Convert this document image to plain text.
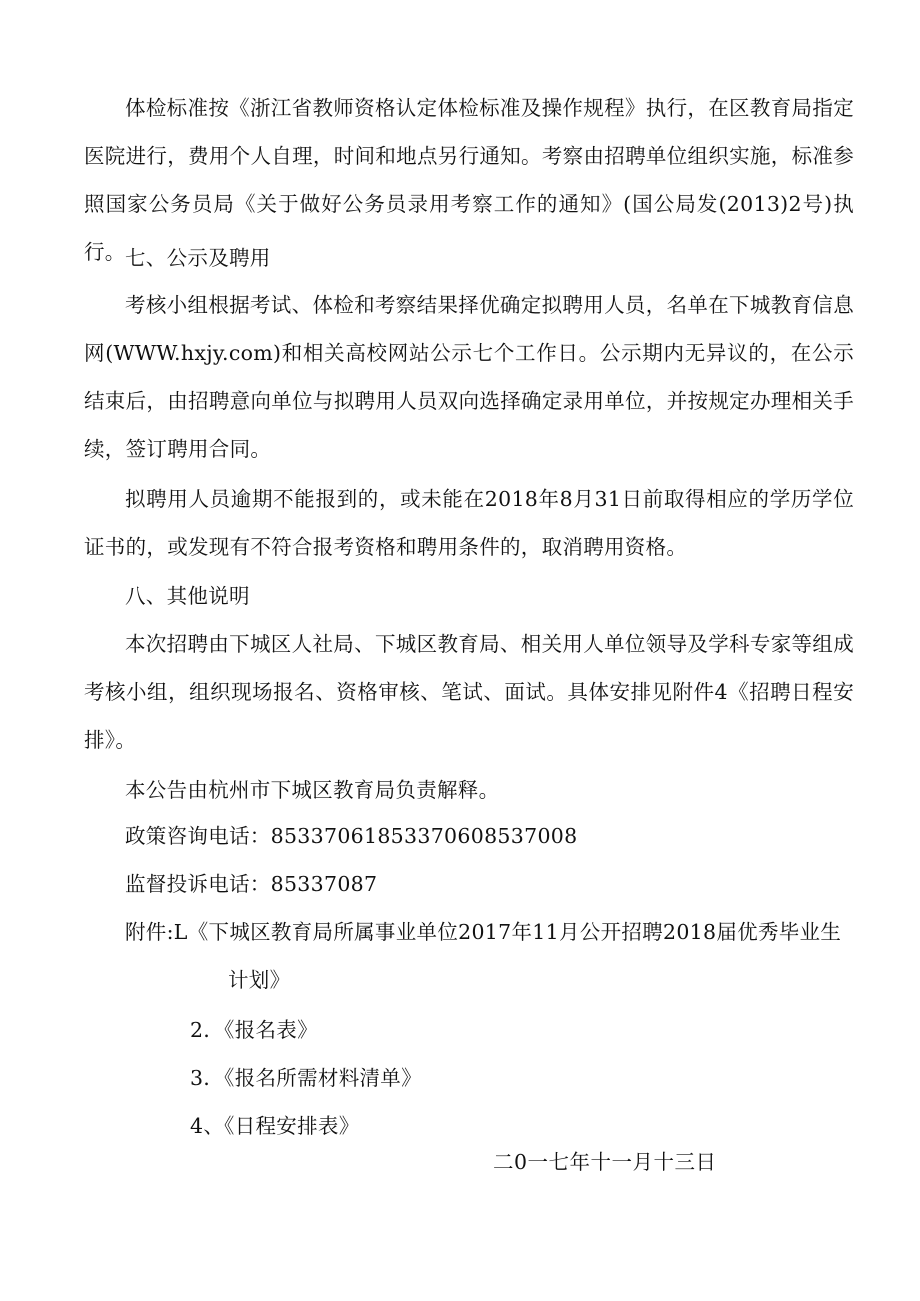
体检标准按《浙江省教师资格认定体检标准及操作规程》执行，在区教育局指定医院进行，费用个人自理，时间和地点另行通知。考察由招聘单位组织实施，标准参照国家公务员局《关于做好公务员录用考察工作的通知》(国公局发(2013)2号)执行。 七、公示及聘用

考核小组根据考试、体检和考察结果择优确定拟聘用人员，名单在下城教育信息网(WWW.hxjy.com)和相关高校网站公示七个工作日。公示期内无异议的，在公示结束后，由招聘意向单位与拟聘用人员双向选择确定录用单位，并按规定办理相关手续，签订聘用合同。

拟聘用人员逾期不能报到的，或未能在2018年8月31日前取得相应的学历学位证书的，或发现有不符合报考资格和聘用条件的，取消聘用资格。

八、其他说明

本次招聘由下城区人社局、下城区教育局、相关用人单位领导及学科专家等组成考核小组，组织现场报名、资格审核、笔试、面试。具体安排见附件4《招聘日程安排》。

本公告由杭州市下城区教育局负责解释。

政策咨询电话：85337061853370608537008

监督投诉电话：85337087

附件:L《下城区教育局所属事业单位2017年11月公开招聘2018届优秀毕业生

计划》

2．《报名表》

3．《报名所需材料清单》

4、《日程安排表》

二0一七年十一月十三日
